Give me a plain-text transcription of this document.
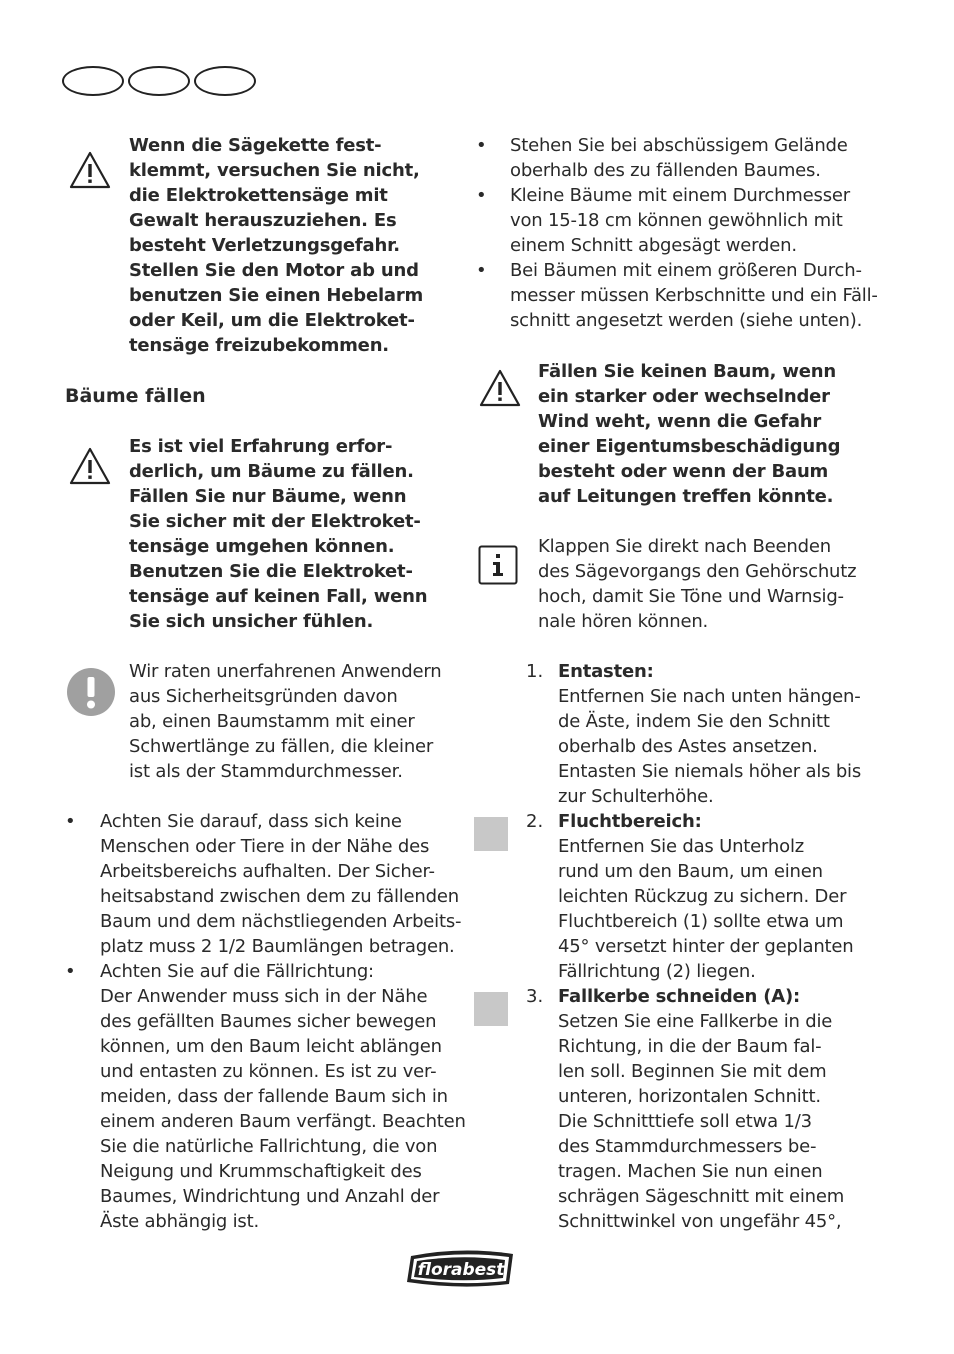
Wenn die Sägekette fest-
klemmt, versuchen Sie nicht,
die Elektrokettensäge mit
Gewalt herauszuziehen. Es
besteht Verletzungsgefahr.
Stellen Sie den Motor ab und
benutzen Sie einen Hebelarm
oder Keil, um die Elektroket-
tensäge freizubekommen.
Bäume fällen
Es ist viel Erfahrung erfor-
derlich, um Bäume zu fällen.
Fällen Sie nur Bäume, wenn
Sie sicher mit der Elektroket-
tensäge umgehen können.
Benutzen Sie die Elektroket-
tensäge auf keinen Fall, wenn
Sie sich unsicher fühlen.
Wir raten unerfahrenen Anwendern
aus Sicherheitsgründen davon
ab, einen Baumstamm mit einer
Schwertlänge zu fällen, die kleiner
ist als der Stammdurchmesser.
• Achten Sie darauf, dass sich keine
Menschen oder Tiere in der Nähe des
Arbeitsbereichs aufhalten. Der Sicher-
heitsabstand zwischen dem zu fällenden
Baum und dem nächstliegenden Arbeits-
platz muss 2 1/2 Baumlängen betragen.
• Achten Sie auf die Fällrichtung:
Der Anwender muss sich in der Nähe
des gefällten Baumes sicher bewegen
können, um den Baum leicht ablängen
und entasten zu können. Es ist zu ver-
meiden, dass der fallende Baum sich in
einem anderen Baum verfängt. Beachten
Sie die natürliche Fallrichtung, die von
Neigung und Krummschaftigkeit des
Baumes, Windrichtung und Anzahl der
Äste abhängig ist.
• Stehen Sie bei abschüssigem Gelände
oberhalb des zu fällenden Baumes.
• Kleine Bäume mit einem Durchmesser
von 15-18 cm können gewöhnlich mit
einem Schnitt abgesägt werden.
• Bei Bäumen mit einem größeren Durch-
messer müssen Kerbschnitte und ein Fäll-
schnitt angesetzt werden (siehe unten).
Fällen Sie keinen Baum, wenn
ein starker oder wechselnder
Wind weht, wenn die Gefahr
einer Eigentumsbeschädigung
besteht oder wenn der Baum
auf Leitungen treffen könnte.
Klappen Sie direkt nach Beenden
des Sägevorgangs den Gehörschutz
hoch, damit Sie Töne und Warnsig-
nale hören können.
1. Entasten:
Entfernen Sie nach unten hängen-
de Äste, indem Sie den Schnitt
oberhalb des Astes ansetzen.
Entasten Sie niemals höher als bis
zur Schulterhöhe.
2. Fluchtbereich:
Entfernen Sie das Unterholz
rund um den Baum, um einen
leichten Rückzug zu sichern. Der
Fluchtbereich (1) sollte etwa um
45° versetzt hinter der geplanten
Fällrichtung (2) liegen.
3. Fallkerbe schneiden (A):
Setzen Sie eine Fallkerbe in die
Richtung, in die der Baum fal-
len soll. Beginnen Sie mit dem
unteren, horizontalen Schnitt.
Die Schnitttiefe soll etwa 1/3
des Stammdurchmessers be-
tragen. Machen Sie nun einen
schrägen Sägeschnitt mit einem
Schnittwinkel von ungefähr 45°,
florabest
